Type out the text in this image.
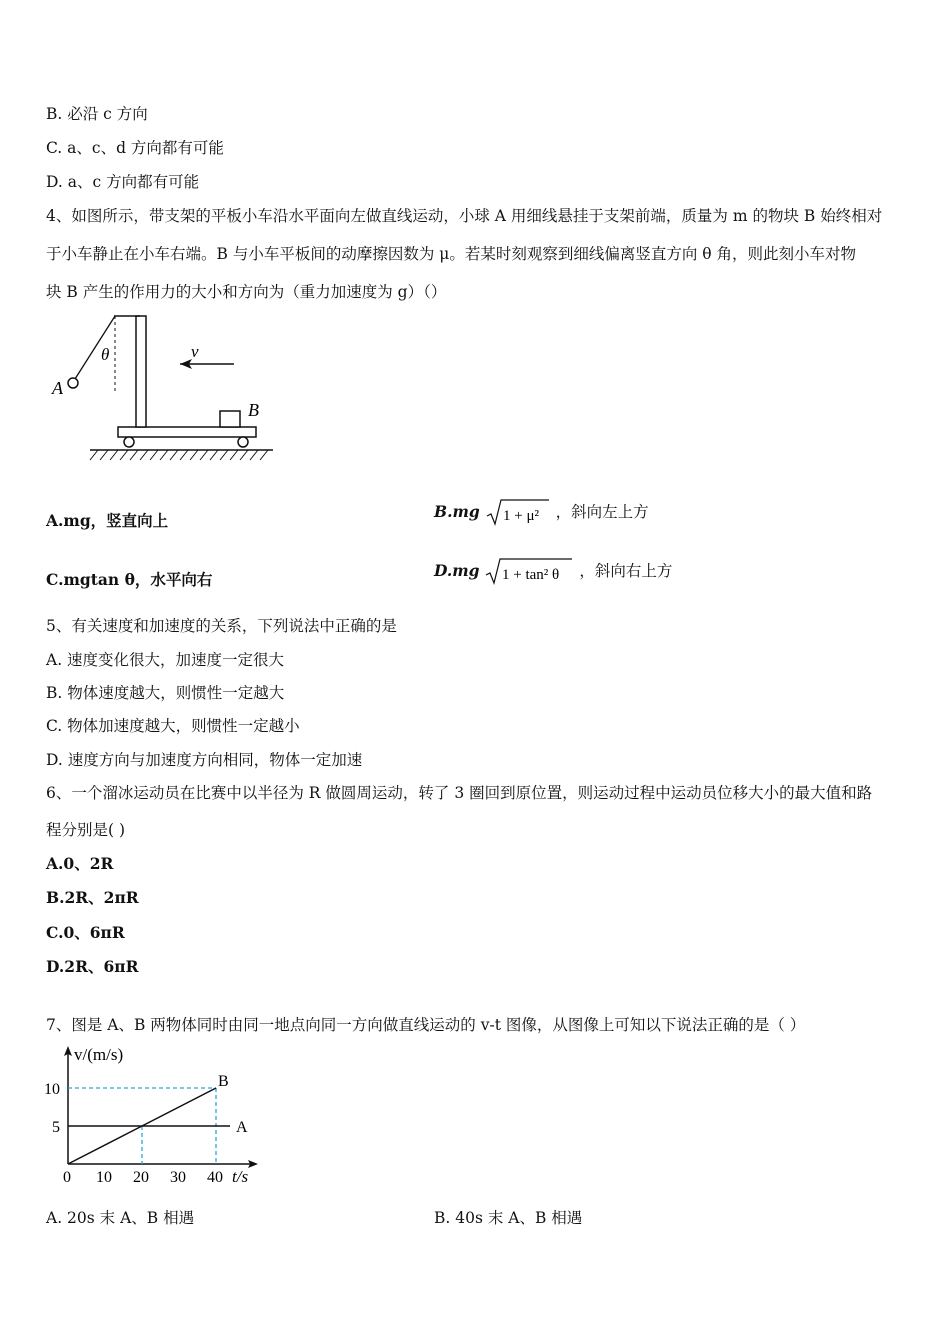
B. 必沿 c 方向
C. a、c、d 方向都有可能
D. a、c 方向都有可能
4、如图所示，带支架的平板小车沿水平面向左做直线运动，小球 A 用细线悬挂于支架前端，质量为 m 的物块 B 始终相对
于小车静止在小车右端。B 与小车平板间的动摩擦因数为 μ。若某时刻观察到细线偏离竖直方向 θ 角，则此刻小车对物
块 B 产生的作用力的大小和方向为（重力加速度为 g）（）
A
θ	v
B
A.mg，竖直向上	B.mg 1 + μ² ，斜向左上方
C.mgtan θ，水平向右	D.mg 1 + tan² θ ，斜向右上方
5、有关速度和加速度的关系，下列说法中正确的是
A. 速度变化很大，加速度一定很大
B. 物体速度越大，则惯性一定越大
C. 物体加速度越大，则惯性一定越小
D. 速度方向与加速度方向相同，物体一定加速
6、一个溜冰运动员在比赛中以半径为 R 做圆周运动，转了 3 圈回到原位置，则运动过程中运动员位移大小的最大值和路
程分别是( )
A.0、2R
B.2R、2πR
C.0、6πR
D.2R、6πR
7、图是 A、B 两物体同时由同一地点向同一方向做直线运动的 v-t 图像，从图像上可知以下说法正确的是（ ）
v/(m/s)
t/s
10
5
0 10 20 30 40
A
B
A. 20s 末 A、B 相遇	B. 40s 末 A、B 相遇
